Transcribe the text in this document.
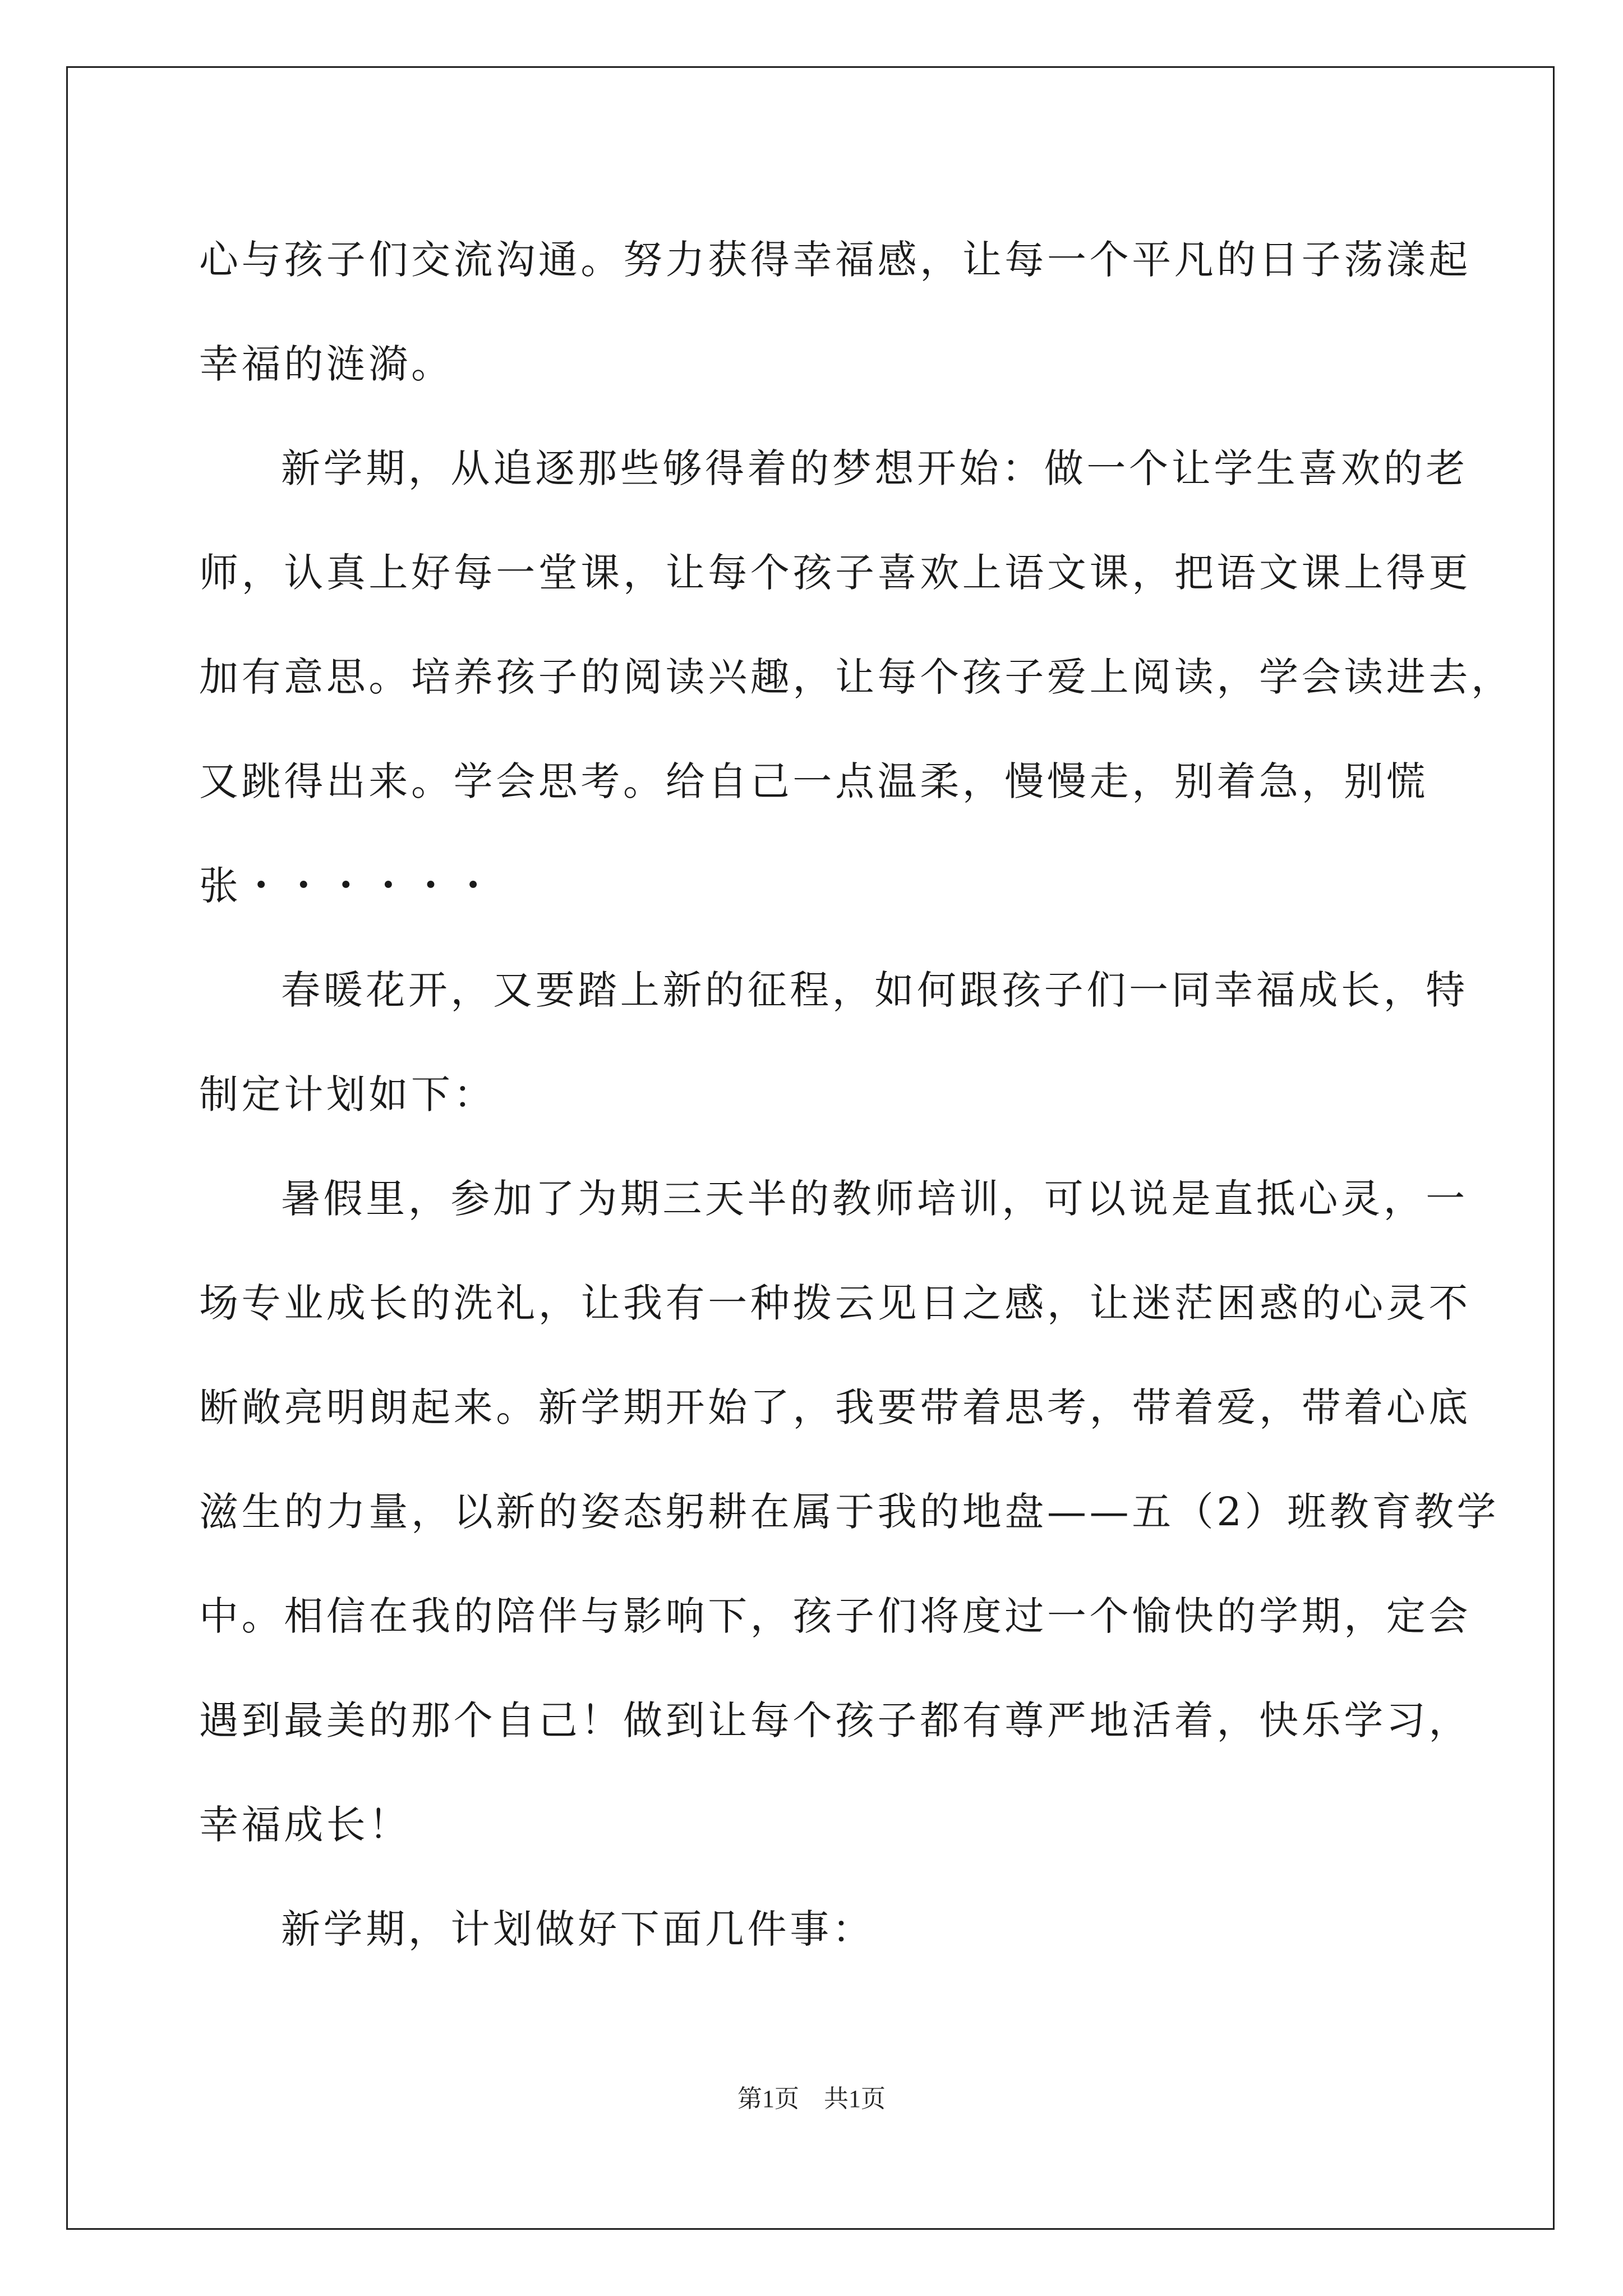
心与孩子们交流沟通。努力获得幸福感，让每一个平凡的日子荡漾起
幸福的涟漪。
新学期，从追逐那些够得着的梦想开始：做一个让学生喜欢的老
师，认真上好每一堂课，让每个孩子喜欢上语文课，把语文课上得更
加有意思。培养孩子的阅读兴趣，让每个孩子爱上阅读，学会读进去，
又跳得出来。学会思考。给自己一点温柔，慢慢走，别着急，别慌
张・・・・・・
春暖花开，又要踏上新的征程，如何跟孩子们一同幸福成长，特
制定计划如下：
暑假里，参加了为期三天半的教师培训，可以说是直抵心灵，一
场专业成长的洗礼，让我有一种拨云见日之感，让迷茫困惑的心灵不
断敞亮明朗起来。新学期开始了，我要带着思考，带着爱，带着心底
滋生的力量，以新的姿态躬耕在属于我的地盘——五（2）班教育教学
中。相信在我的陪伴与影响下，孩子们将度过一个愉快的学期，定会
遇到最美的那个自己！做到让每个孩子都有尊严地活着，快乐学习，
幸福成长！
新学期，计划做好下面几件事：
第1页　共1页
